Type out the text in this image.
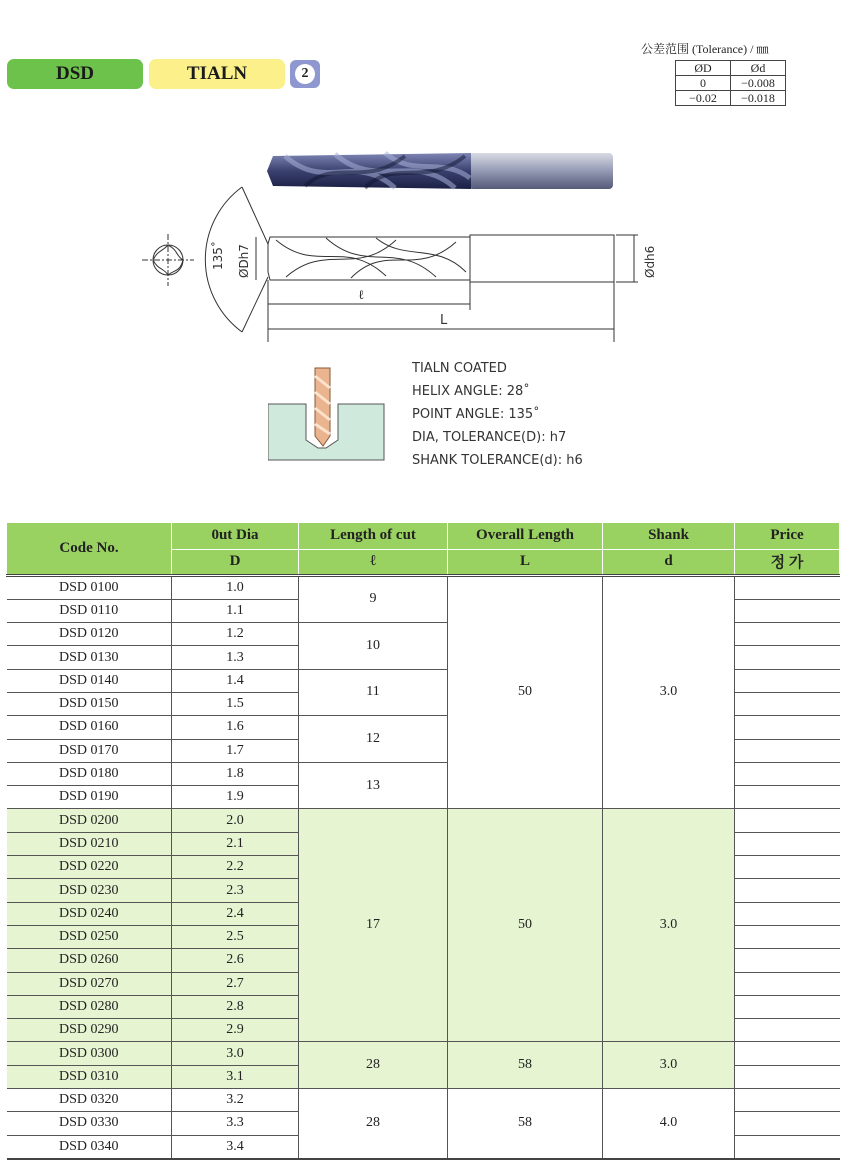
DSD	TIALN	2
公差范围 (Tolerance) / ㎜
ØD	Ød
0	−0.008
−0.02	−0.018
135˚ ØDh7	Ødh6
ℓ
L
TIALN COATED
HELIX ANGLE: 28˚
POINT ANGLE: 135˚
DIA, TOLERANCE(D): h7
SHANK TOLERANCE(d): h6
Code No.	0ut Dia	Length of cut	Overall Length	Shank	Price
	D	ℓ	L	d	정 가
DSD 0100	1.0	9	50	3.0	
DSD 0110	1.1				
DSD 0120	1.2	10			
DSD 0130	1.3				
DSD 0140	1.4	11			
DSD 0150	1.5				
DSD 0160	1.6	12			
DSD 0170	1.7				
DSD 0180	1.8	13			
DSD 0190	1.9				
DSD 0200	2.0	17	50	3.0	
DSD 0210	2.1				
DSD 0220	2.2				
DSD 0230	2.3				
DSD 0240	2.4				
DSD 0250	2.5				
DSD 0260	2.6				
DSD 0270	2.7				
DSD 0280	2.8				
DSD 0290	2.9				
DSD 0300	3.0	28	58	3.0	
DSD 0310	3.1				
DSD 0320	3.2	28	58	4.0	
DSD 0330	3.3				
DSD 0340	3.4				
